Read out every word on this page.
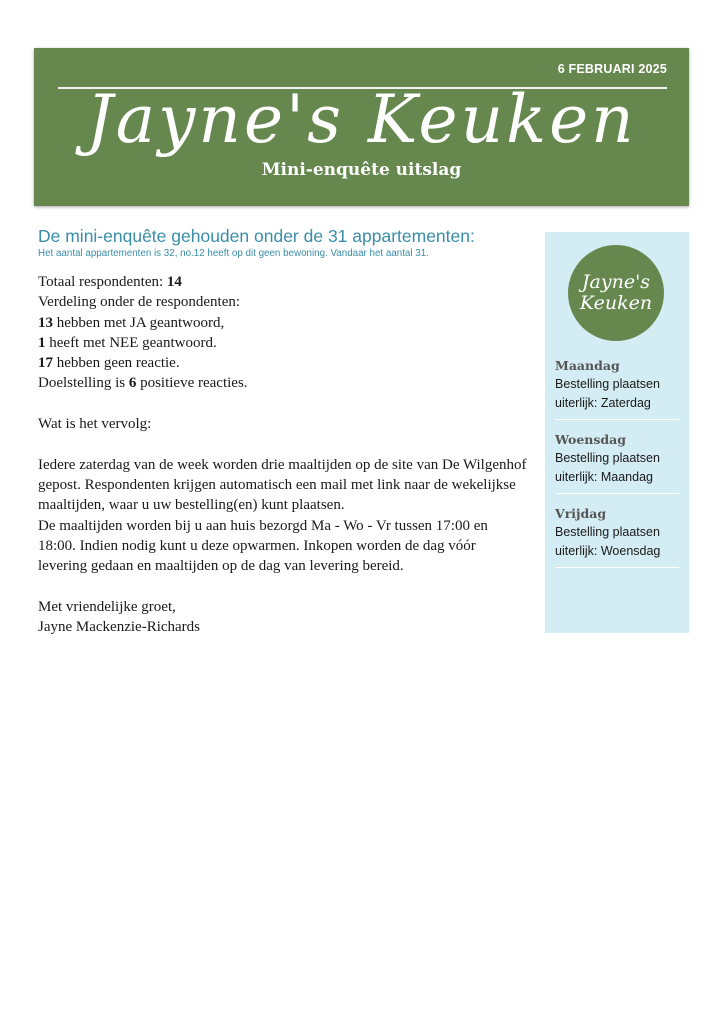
6 FEBRUARI 2025
Jayne's Keuken
Mini-enquête uitslag
De mini-enquête gehouden onder de 31 appartementen:

Het aantal appartementen is 32, no.12 heeft op dit geen bewoning. Vandaar het aantal 31.

Totaal respondenten: 14

Verdeling onder de respondenten:

13 hebben met JA geantwoord,

1 heeft met NEE geantwoord.

17 hebben geen reactie.

Doelstelling is 6 positieve reacties.

Wat is het vervolg:

Iedere zaterdag van de week worden drie maaltijden op de site van De Wilgenhof gepost. Respondenten krijgen automatisch een mail met link naar de wekelijkse maaltijden, waar u uw bestelling(en) kunt plaatsen.

De maaltijden worden bij u aan huis bezorgd Ma - Wo - Vr tussen 17:00 en 18:00. Indien nodig kunt u deze opwarmen. Inkopen worden de dag vóór levering gedaan en maaltijden op de dag van levering bereid.

Met vriendelijke groet,

Jayne Mackenzie-Richards

Jayne's
Keuken
Maandag
Bestelling plaatsen
uiterlijk: Zaterdag
Woensdag
Bestelling plaatsen
uiterlijk: Maandag
Vrijdag
Bestelling plaatsen
uiterlijk: Woensdag
